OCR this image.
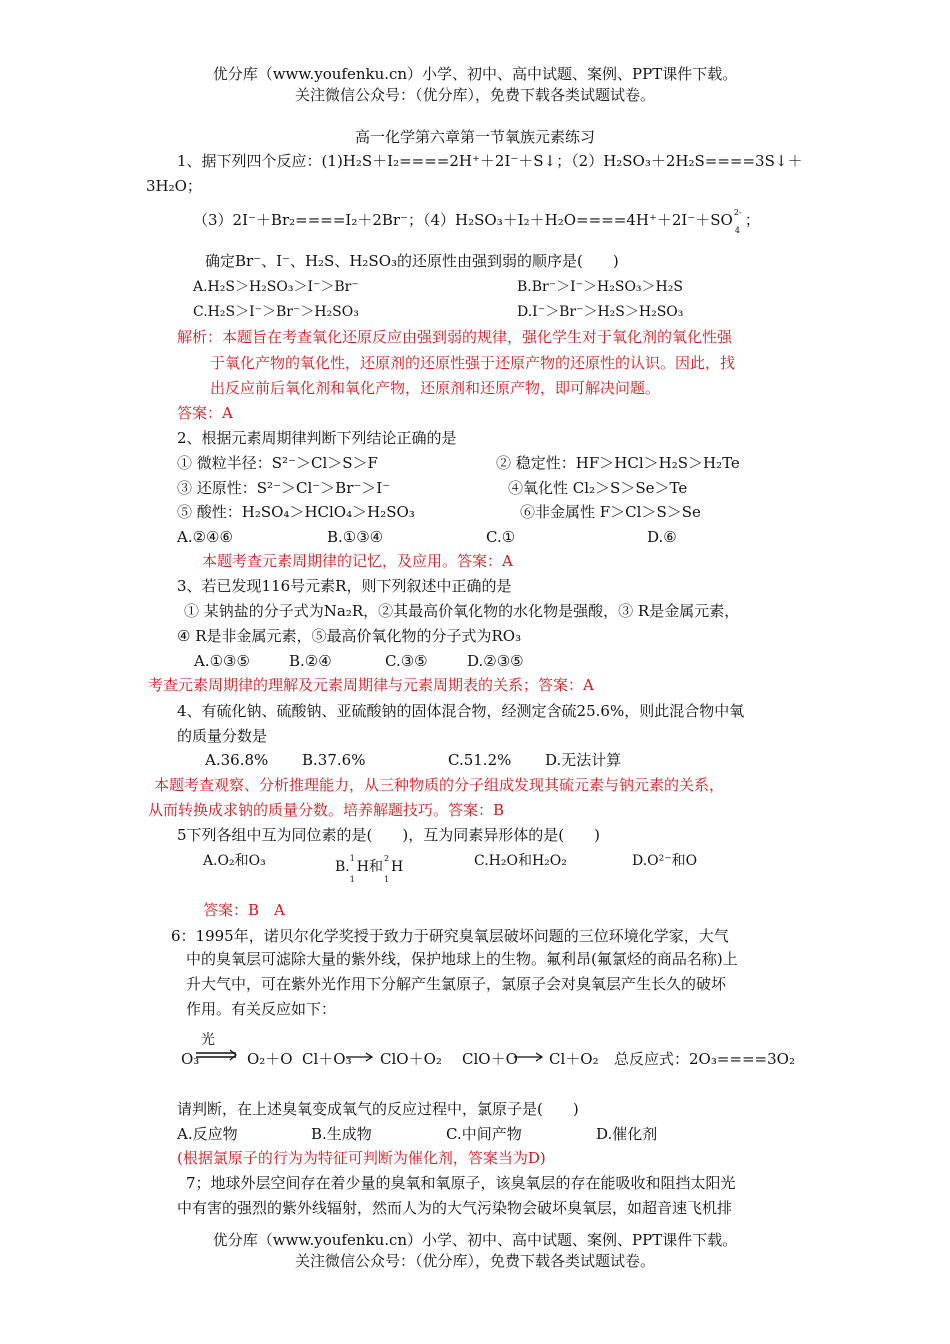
优分库（www.youfenku.cn）小学、初中、高中试题、案例、PPT课件下载。
关注微信公众号：（优分库），免费下载各类试题试卷。
高一化学第六章第一节氧族元素练习
1、据下列四个反应：(1)H₂S＋I₂====2H⁺＋2I⁻＋S↓；（2）H₂SO₃＋2H₂S====3S↓＋
3H₂O；
（3）2I⁻＋Br₂====I₂＋2Br⁻；（4）H₂SO₃＋I₂＋H₂O====4H⁺＋2I⁻＋SO 2-
4
；
确定Br⁻、I⁻、H₂S、H₂SO₃的还原性由强到弱的顺序是(　　)
A.H₂S＞H₂SO₃＞I⁻＞Br⁻	B.Br⁻＞I⁻＞H₂SO₃＞H₂S
C.H₂S＞I⁻＞Br⁻＞H₂SO₃	D.I⁻＞Br⁻＞H₂S＞H₂SO₃
解析：本题旨在考查氧化还原反应由强到弱的规律，强化学生对于氧化剂的氧化性强
于氧化产物的氧化性，还原剂的还原性强于还原产物的还原性的认识。因此，找
出反应前后氧化剂和氧化产物，还原剂和还原产物，即可解决问题。
答案：A
2、根据元素周期律判断下列结论正确的是
① 微粒半径：S²⁻＞Cl＞S＞F	② 稳定性：HF＞HCl＞H₂S＞H₂Te
③ 还原性：S²⁻＞Cl⁻＞Br⁻＞I⁻	④氧化性 Cl₂＞S＞Se＞Te
⑤ 酸性：H₂SO₄＞HClO₄＞H₂SO₃	⑥非金属性 F＞Cl＞S＞Se
A.②④⑥	B.①③④	C.①	D.⑥
本题考查元素周期律的记忆，及应用。答案：A
3、若已发现116号元素R，则下列叙述中正确的是
① 某钠盐的分子式为Na₂R，②其最高价氧化物的水化物是强酸，③ R是金属元素，
④ R是非金属元素，⑤最高价氧化物的分子式为RO₃
A.①③⑤	B.②④	C.③⑤	D.②③⑤
考查元素周期律的理解及元素周期律与元素周期表的关系；答案：A
4、有硫化钠、硫酸钠、亚硫酸钠的固体混合物，经测定含硫25.6%，则此混合物中氧
的质量分数是
A.36.8% B.37.6%	C.51.2% D.无法计算
本题考查观察、分析推理能力，从三种物质的分子组成发现其硫元素与钠元素的关系，
从而转换成求钠的质量分数。培养解题技巧。答案：B
5下列各组中互为同位素的是(　　)，互为同素异形体的是(　　)
A.O₂和O₃	B.
1
1
H和
2
1
H	C.H₂O和H₂O₂	D.O²⁻和O
答案：B　A
6：1995年，诺贝尔化学奖授于致力于研究臭氧层破坏问题的三位环境化学家，大气
中的臭氧层可滤除大量的紫外线，保护地球上的生物。氟利昂(氟氯烃的商品名称)上
升大气中，可在紫外光作用下分解产生氯原子，氯原子会对臭氧层产生长久的破坏
作用。有关反应如下：
光
O₃	O₂＋O Cl＋O₃ ClO＋O₂ ClO＋O Cl＋O₂ 总反应式：2O₃====3O₂
请判断，在上述臭氧变成氧气的反应过程中，氯原子是(　　)
A.反应物	B.生成物	C.中间产物	D.催化剂
(根据氯原子的行为为特征可判断为催化剂，答案当为D)
7；地球外层空间存在着少量的臭氧和氧原子，该臭氧层的存在能吸收和阻挡太阳光
中有害的强烈的紫外线辐射，然而人为的大气污染物会破坏臭氧层，如超音速飞机排
优分库（www.youfenku.cn）小学、初中、高中试题、案例、PPT课件下载。
关注微信公众号：（优分库），免费下载各类试题试卷。
